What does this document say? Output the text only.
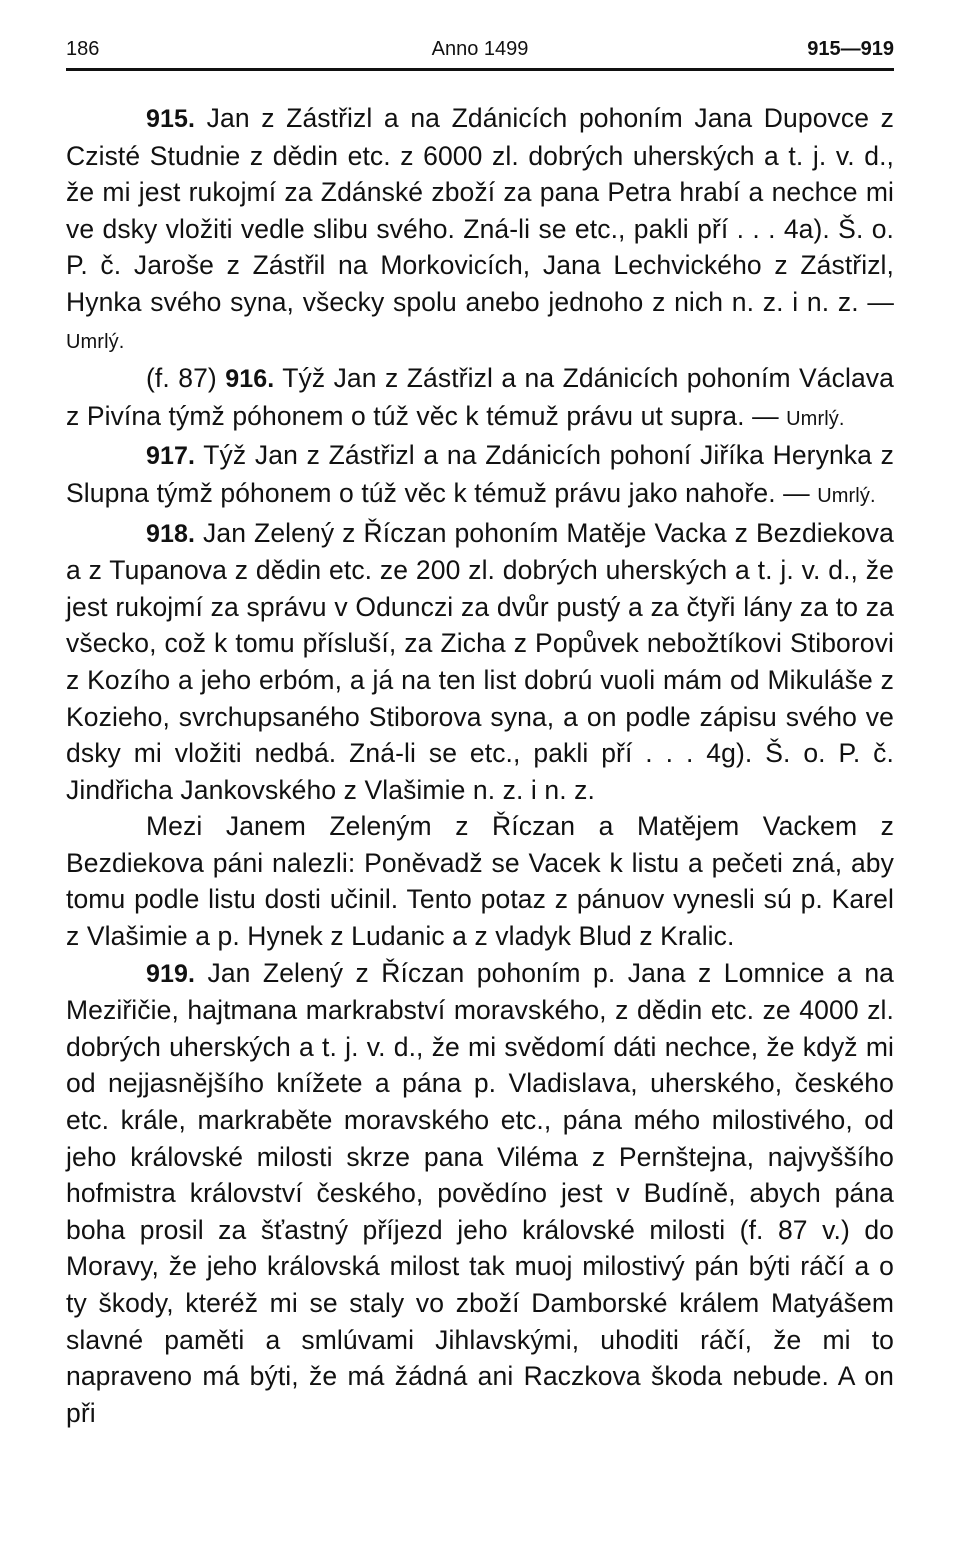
186	Anno 1499	915—919

915. Jan z Zástřizl a na Zdánicích pohoním Jana Dupovce z Czisté Studnie z dědin etc. z 6000 zl. dobrých uherských a t. j. v. d., že mi jest rukojmí za Zdánské zboží za pana Petra hrabí a nechce mi ve dsky vložiti vedle slibu svého. Zná-li se etc., pakli pří . . . 4a). Š. o. P. č. Jaroše z Zástřil na Morkovicích, Jana Lechvického z Zástřizl, Hynka svého syna, všecky spolu anebo jednoho z nich n. z. i n. z. — Umrlý.

(f. 87) 916. Týž Jan z Zástřizl a na Zdánicích pohoním Václava z Pivína týmž póhonem o túž věc k témuž právu ut supra. — Umrlý.

917. Týž Jan z Zástřizl a na Zdánicích pohoní Jiříka Herynka z Slupna týmž póhonem o túž věc k témuž právu jako nahoře. — Umrlý.

918. Jan Zelený z Říczan pohoním Matěje Vacka z Bezdiekova a z Tupanova z dědin etc. ze 200 zl. dobrých uherských a t. j. v. d., že jest rukojmí za správu v Odunczi za dvůr pustý a za čtyři lány za to za všecko, což k tomu přísluší, za Zicha z Popůvek nebožtíkovi Stiborovi z Kozího a jeho erbóm, a já na ten list dobrú vuoli mám od Mikuláše z Kozieho, svrchupsaného Stiborova syna, a on podle zápisu svého ve dsky mi vložiti nedbá. Zná-li se etc., pakli pří . . . 4g). Š. o. P. č. Jindřicha Jankovského z Vlašimie n. z. i n. z.

Mezi Janem Zeleným z Říczan a Matějem Vackem z Bezdiekova páni nalezli: Poněvadž se Vacek k listu a pečeti zná, aby tomu podle listu dosti učinil. Tento potaz z pánuov vynesli sú p. Karel z Vlašimie a p. Hynek z Ludanic a z vladyk Blud z Kralic.

919. Jan Zelený z Říczan pohoním p. Jana z Lomnice a na Meziřičie, hajtmana markrabství moravského, z dědin etc. ze 4000 zl. dobrých uherských a t. j. v. d., že mi svědomí dáti nechce, že když mi od nejjasnějšího knížete a pána p. Vladislava, uherského, českého etc. krále, markraběte moravského etc., pána mého milostivého, od jeho královské milosti skrze pana Viléma z Pernštejna, najvyššího hofmistra království českého, povědíno jest v Budíně, abych pána boha prosil za šťastný příjezd jeho královské milosti (f. 87 v.) do Moravy, že jeho královská milost tak muoj milostivý pán býti ráčí a o ty škody, kteréž mi se staly vo zboží Damborské králem Matyášem slavné paměti a smlúvami Jihlavskými, uhoditi ráčí, že mi to napraveno má býti, že má žádná ani Raczkova škoda nebude. A on při
